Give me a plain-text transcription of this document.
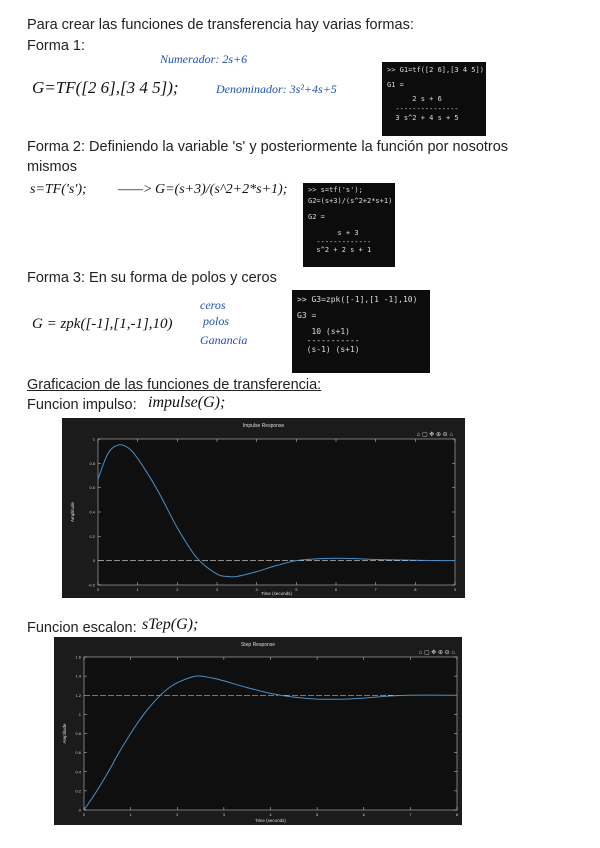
Para crear las funciones de transferencia hay varias formas:
Forma 1:
G=TF([2 6],[3 4 5]);
Numerador: 2s+6
Denominador: 3s²+4s+5
>> G1=tf([2 6],[3 4 5])
G1 =
2 s + 6
---------------
3 s^2 + 4 s + 5
Forma 2: Definiendo la variable 's' y posteriormente la función por nosotros
mismos
s=TF('s'); ——> G=(s+3)/(s^2+2*s+1);	>> s=tf('s');
G2=(s+3)/(s^2+2*s+1)
G2 =
s + 3
-------------
s^2 + 2 s + 1
Forma 3: En su forma de polos y ceros
G = zpk([-1],[1,-1],10)
ceros
polos
Ganancia
>> G3=zpk([-1],[1 -1],10)
G3 =
10 (s+1)
-----------
(s-1) (s+1)
Graficacion de las funciones de transferencia:
Funcion impulso: impulse(G);
Impulse Response
Time (seconds)
Amplitude
⌂ ▢ ✥ ⊕ ⊖ ⌂
0	1	2	3	4	5	6	7	8	9
-0.2
0
0.2
0.4
0.6
0.8
1
Funcion escalon: sTep(G);
Step Response
Time (seconds)
Amplitude
⌂ ▢ ✥ ⊕ ⊖ ⌂
0	1	2	3	4	5	6	7	8
0
0.2
0.4
0.6
0.8
1
1.2
1.4
1.6
